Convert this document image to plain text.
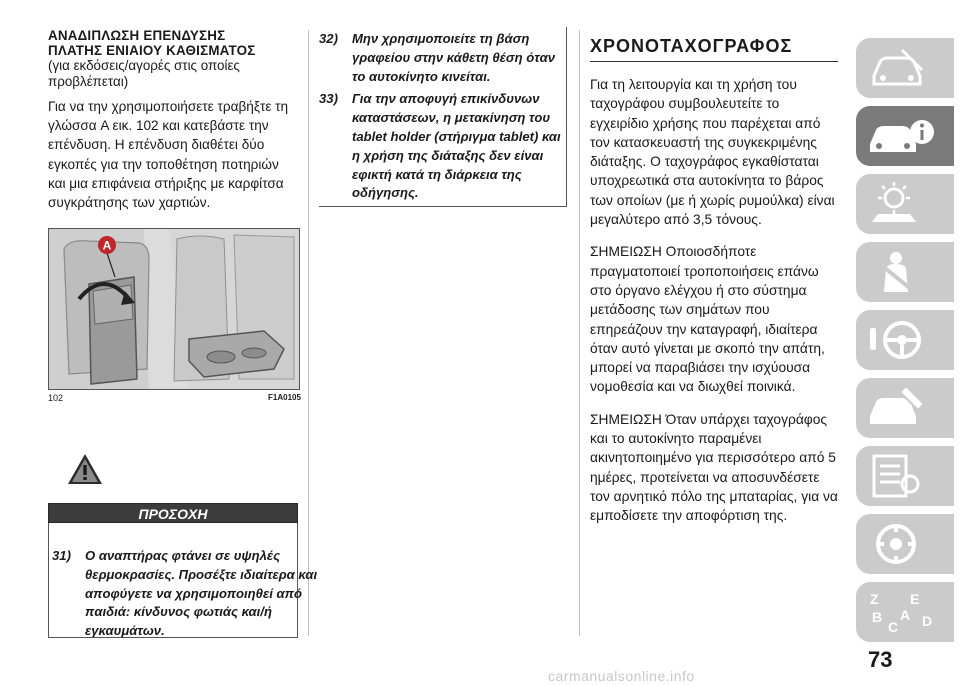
ΑΝΑΔΙΠΛΩΣΗ ΕΠΕΝΔΥΣΗΣ
ΠΛΑΤΗΣ ΕΝΙΑΙΟΥ ΚΑΘΙΣΜΑΤΟΣ
(για εκδόσεις/αγορές στις οποίες προβλέπεται)
Για να την χρησιμοποιήσετε τραβήξτε τη γλώσσα A εικ. 102 και κατεβάστε την επένδυση. Η επένδυση διαθέτει δύο εγκοπές για την τοποθέτηση ποτηριών και μια επιφάνεια στήριξης με καρφίτσα συγκράτησης των χαρτιών.
A
102	F1A0105
ΠΡΟΣΟΧΗ
31) Ο αναπτήρας φτάνει σε υψηλές θερμοκρασίες. Προσέξτε ιδιαίτερα και αποφύγετε να χρησιμοποιηθεί από παιδιά: κίνδυνος φωτιάς και/ή εγκαυμάτων.
32) Μην χρησιμοποιείτε τη βάση γραφείου στην κάθετη θέση όταν το αυτοκίνητο κινείται.
33) Για την αποφυγή επικίνδυνων καταστάσεων, η μετακίνηση του tablet holder (στήριγμα tablet) και η χρήση της διάταξης δεν είναι εφικτή κατά τη διάρκεια της οδήγησης.
ΧΡΟΝΟΤΑΧΟΓΡΑΦΟΣ
Για τη λειτουργία και τη χρήση του ταχογράφου συμβουλευτείτε το εγχειρίδιο χρήσης που παρέχεται από τον κατασκευαστή της συγκεκριμένης διάταξης. Ο ταχογράφος εγκαθίσταται υποχρεωτικά στα αυτοκίνητα το βάρος των οποίων (με ή χωρίς ρυμούλκα) είναι μεγαλύτερο από 3,5 τόνους.
ΣΗΜΕΙΩΣΗ Οποιοσδήποτε πραγματοποιεί τροποποιήσεις επάνω στο όργανο ελέγχου ή στο σύστημα μετάδοσης των σημάτων που επηρεάζουν την καταγραφή, ιδιαίτερα όταν αυτό γίνεται με σκοπό την απάτη, μπορεί να παραβιάσει την ισχύουσα νομοθεσία και να διωχθεί ποινικά.
ΣΗΜΕΙΩΣΗ Όταν υπάρχει ταχογράφος και το αυτοκίνητο παραμένει ακινητοποιημένο για περισσότερο από 5 ημέρες, προτείνεται να αποσυνδέσετε τον αρνητικό πόλο της μπαταρίας, για να εμποδίσετε την αποφόρτιση της.
Z E
B A
C D
73
carmanualsonline.info
